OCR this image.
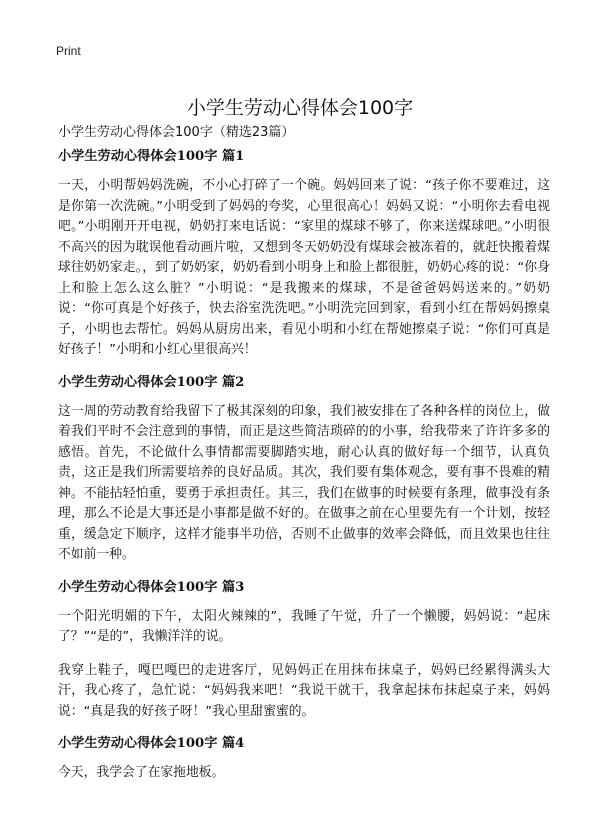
Print
小学生劳动心得体会100字
小学生劳动心得体会100字（精选23篇）
小学生劳动心得体会100字 篇1

一天，小明帮妈妈洗碗，不小心打碎了一个碗。妈妈回来了说：“孩子你不要难过，这是你第一次洗碗。”小明受到了妈妈的夸奖，心里很高心！妈妈又说：“小明你去看电视吧。”小明刚开开电视，奶奶打来电话说：“家里的煤球不够了，你来送煤球吧。”小明很不高兴的因为耽误他看动画片啦，又想到冬天奶奶没有煤球会被冻着的，就赶快搬着煤球往奶奶家走。，到了奶奶家，奶奶看到小明身上和脸上都很脏，奶奶心疼的说：“你身上和脸上怎么这么脏？”小明说：“是我搬来的煤球，不是爸爸妈妈送来的。”奶奶说：“你可真是个好孩子，快去浴室洗洗吧。”小明洗完回到家，看到小红在帮妈妈擦桌子，小明也去帮忙。妈妈从厨房出来，看见小明和小红在帮她擦桌子说：“你们可真是好孩子！”小明和小红心里很高兴！

小学生劳动心得体会100字 篇2

这一周的劳动教育给我留下了极其深刻的印象，我们被安排在了各种各样的岗位上，做着我们平时不会注意到的事情，而正是这些简洁琐碎的的小事，给我带来了许许多多的感悟。首先，不论做什么事情都需要脚踏实地，耐心认真的做好每一个细节，认真负责，这正是我们所需要培养的良好品质。其次，我们要有集体观念，要有事不畏难的精神。不能拈轻怕重，要勇于承担责任。其三，我们在做事的时候要有条理，做事没有条理，那么不论是大事还是小事都是做不好的。在做事之前在心里要先有一个计划，按轻重，缓急定下顺序，这样才能事半功倍，否则不止做事的效率会降低，而且效果也往往不如前一种。

小学生劳动心得体会100字 篇3

一个阳光明媚的下午，太阳火辣辣的”，我睡了午觉，升了一个懒腰，妈妈说：“起床了？”“是的”，我懒洋洋的说。

我穿上鞋子，嘎巴嘎巴的走进客厅，见妈妈正在用抹布抹桌子，妈妈已经累得满头大汗，我心疼了，急忙说：“妈妈我来吧！”我说干就干，我拿起抹布抹起桌子来，妈妈说：“真是我的好孩子呀！”我心里甜蜜蜜的。

小学生劳动心得体会100字 篇4

今天，我学会了在家拖地板。
